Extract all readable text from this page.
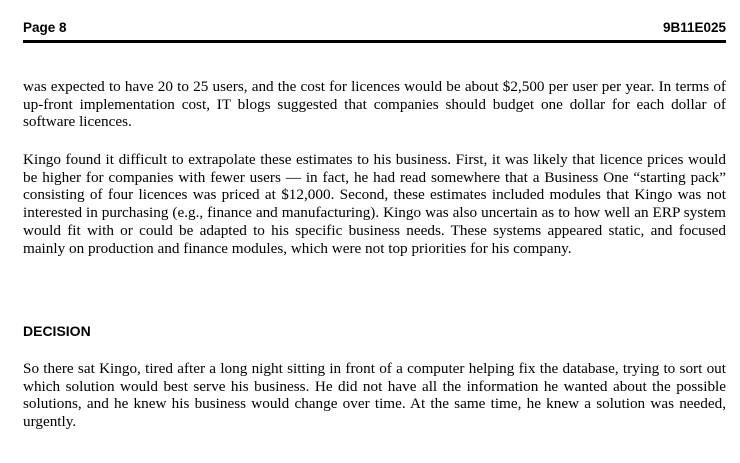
Page 8	9B11E025

was expected to have 20 to 25 users, and the cost for licences would be about $2,500 per user per year. In terms of up-front implementation cost, IT blogs suggested that companies should budget one dollar for each dollar of software licences.

Kingo found it difficult to extrapolate these estimates to his business. First, it was likely that licence prices would be higher for companies with fewer users — in fact, he had read somewhere that a Business One “starting pack” consisting of four licences was priced at $12,000. Second, these estimates included modules that Kingo was not interested in purchasing (e.g., finance and manufacturing). Kingo was also uncertain as to how well an ERP system would fit with or could be adapted to his specific business needs. These systems appeared static, and focused mainly on production and finance modules, which were not top priorities for his company.

DECISION

So there sat Kingo, tired after a long night sitting in front of a computer helping fix the database, trying to sort out which solution would best serve his business. He did not have all the information he wanted about the possible solutions, and he knew his business would change over time. At the same time, he knew a solution was needed, urgently.
